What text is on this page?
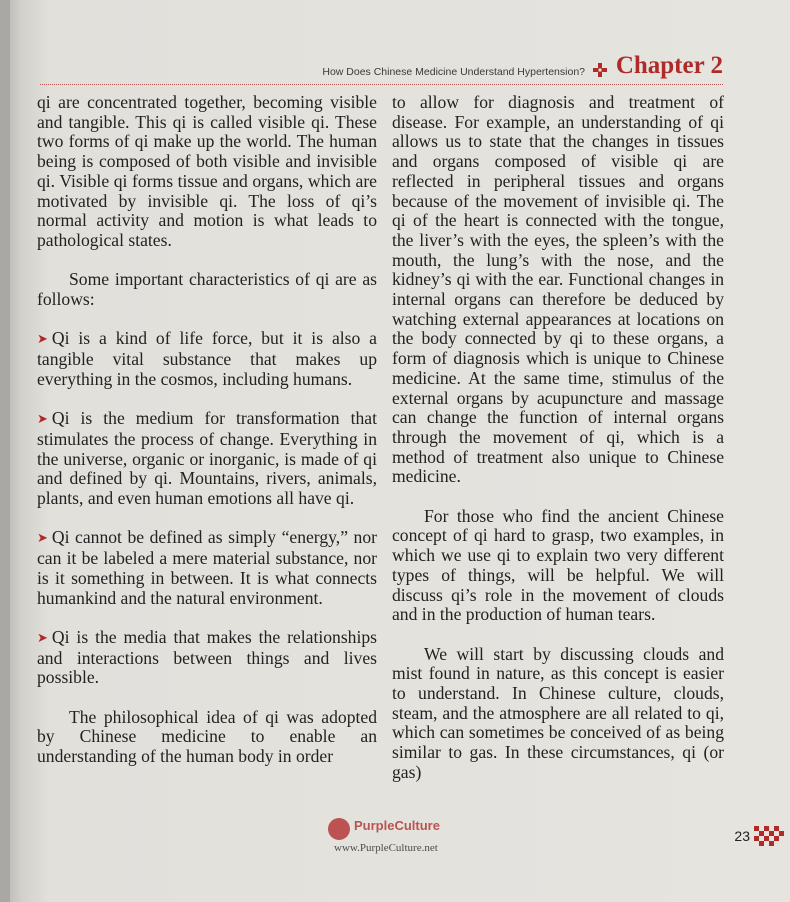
How Does Chinese Medicine Understand Hypertension? Chapter 2

qi are concentrated together, becoming visible and tangible. This qi is called visible qi. These two forms of qi make up the world. The human being is composed of both visible and invisible qi. Visible qi forms tissue and organs, which are motivated by invisible qi. The loss of qi’s normal activity and motion is what leads to pathological states.

Some important characteristics of qi are as follows:

➤ Qi is a kind of life force, but it is also a tangible vital substance that makes up everything in the cosmos, including humans.

➤ Qi is the medium for transformation that stimulates the process of change. Everything in the universe, organic or inorganic, is made of qi and defined by qi. Mountains, rivers, animals, plants, and even human emotions all have qi.

➤ Qi cannot be defined as simply “energy,” nor can it be labeled a mere material substance, nor is it something in between. It is what connects humankind and the natural environment.

➤ Qi is the media that makes the relationships and interactions between things and lives possible.

The philosophical idea of qi was adopted by Chinese medicine to enable an understanding of the human body in order

to allow for diagnosis and treatment of disease. For example, an understanding of qi allows us to state that the changes in tissues and organs composed of visible qi are reflected in peripheral tissues and organs because of the movement of invisible qi. The qi of the heart is connected with the tongue, the liver’s with the eyes, the spleen’s with the mouth, the lung’s with the nose, and the kidney’s qi with the ear. Functional changes in internal organs can therefore be deduced by watching external appearances at locations on the body connected by qi to these organs, a form of diagnosis which is unique to Chinese medicine. At the same time, stimulus of the external organs by acupuncture and massage can change the function of internal organs through the movement of qi, which is a method of treatment also unique to Chinese medicine.

For those who find the ancient Chinese concept of qi hard to grasp, two examples, in which we use qi to explain two very different types of things, will be helpful. We will discuss qi’s role in the movement of clouds and in the production of human tears.

We will start by discussing clouds and mist found in nature, as this concept is easier to understand. In Chinese culture, clouds, steam, and the atmosphere are all related to qi, which can sometimes be conceived of as being similar to gas. In these circumstances, qi (or gas)

23
PurpleCulture
www.PurpleCulture.net
